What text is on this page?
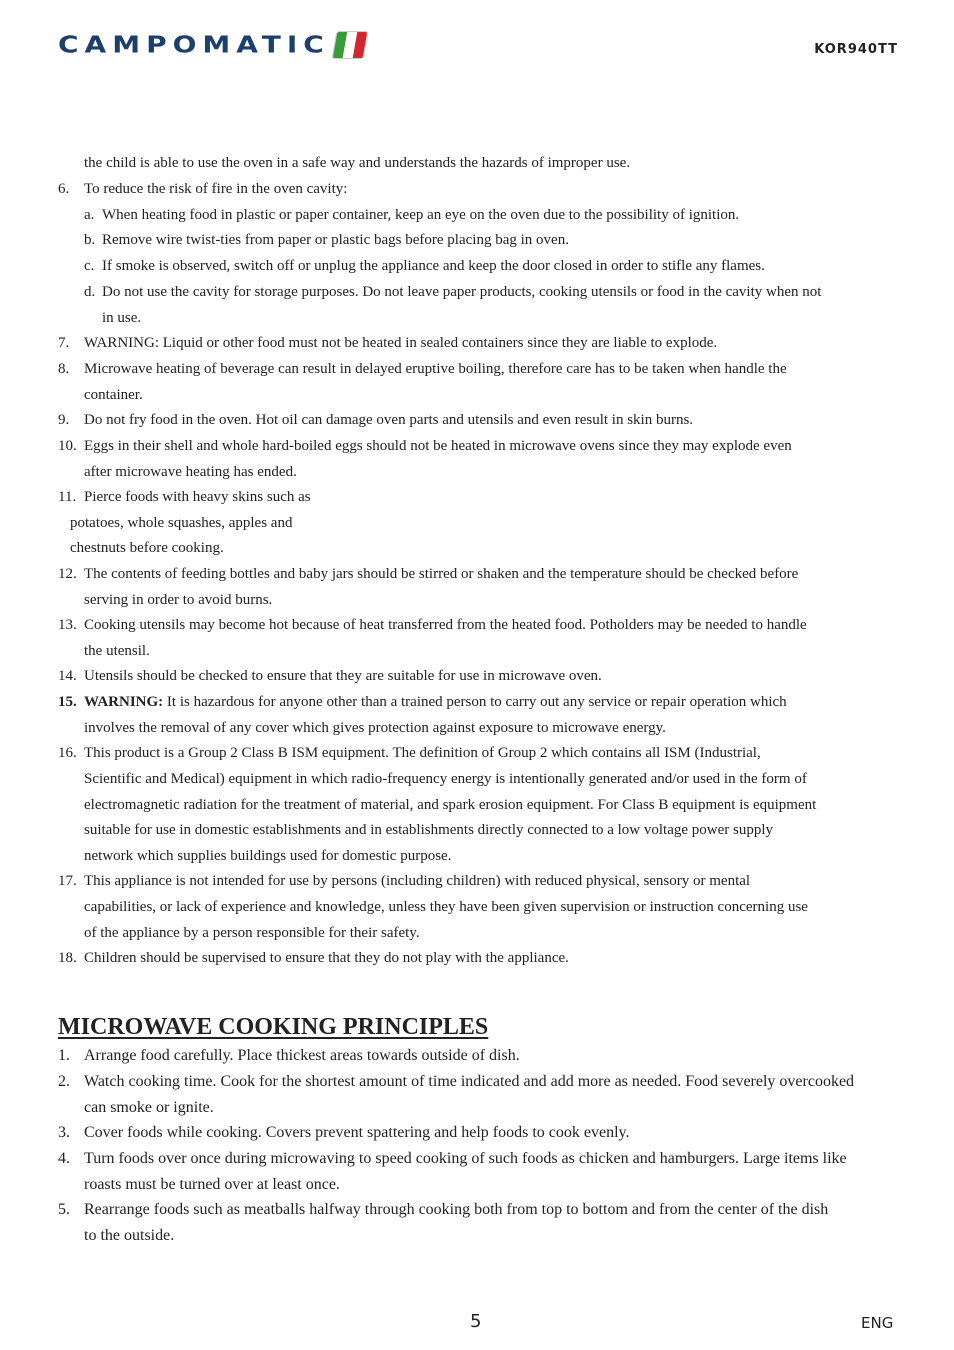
CAMPOMATIC	KOR940TT
the child is able to use the oven in a safe way and understands the hazards of improper use.
6. To reduce the risk of fire in the oven cavity:
a. When heating food in plastic or paper container, keep an eye on the oven due to the possibility of ignition.
b. Remove wire twist-ties from paper or plastic bags before placing bag in oven.
c. If smoke is observed, switch off or unplug the appliance and keep the door closed in order to stifle any flames.
d. Do not use the cavity for storage purposes. Do not leave paper products, cooking utensils or food in the cavity when not
in use.
7. WARNING: Liquid or other food must not be heated in sealed containers since they are liable to explode.
8. Microwave heating of beverage can result in delayed eruptive boiling, therefore care has to be taken when handle the
container.
9. Do not fry food in the oven. Hot oil can damage oven parts and utensils and even result in skin burns.
10. Eggs in their shell and whole hard-boiled eggs should not be heated in microwave ovens since they may explode even
after microwave heating has ended.
11. Pierce foods with heavy skins such as
potatoes, whole squashes, apples and
chestnuts before cooking.
12. The contents of feeding bottles and baby jars should be stirred or shaken and the temperature should be checked before
serving in order to avoid burns.
13. Cooking utensils may become hot because of heat transferred from the heated food. Potholders may be needed to handle
the utensil.
14. Utensils should be checked to ensure that they are suitable for use in microwave oven.
15. WARNING: It is hazardous for anyone other than a trained person to carry out any service or repair operation which
involves the removal of any cover which gives protection against exposure to microwave energy.
16. This product is a Group 2 Class B ISM equipment. The definition of Group 2 which contains all ISM (Industrial,
Scientific and Medical) equipment in which radio-frequency energy is intentionally generated and/or used in the form of
electromagnetic radiation for the treatment of material, and spark erosion equipment. For Class B equipment is equipment
suitable for use in domestic establishments and in establishments directly connected to a low voltage power supply
network which supplies buildings used for domestic purpose.
17. This appliance is not intended for use by persons (including children) with reduced physical, sensory or mental
capabilities, or lack of experience and knowledge, unless they have been given supervision or instruction concerning use
of the appliance by a person responsible for their safety.
18. Children should be supervised to ensure that they do not play with the appliance.
1. Arrange food carefully. Place thickest areas towards outside of dish.
2. Watch cooking time. Cook for the shortest amount of time indicated and add more as needed. Food severely overcooked
can smoke or ignite.
3. Cover foods while cooking. Covers prevent spattering and help foods to cook evenly.
4. Turn foods over once during microwaving to speed cooking of such foods as chicken and hamburgers. Large items like
roasts must be turned over at least once.
5. Rearrange foods such as meatballs halfway through cooking both from top to bottom and from the center of the dish
to the outside.
MICROWAVE COOKING PRINCIPLES
5	ENG
